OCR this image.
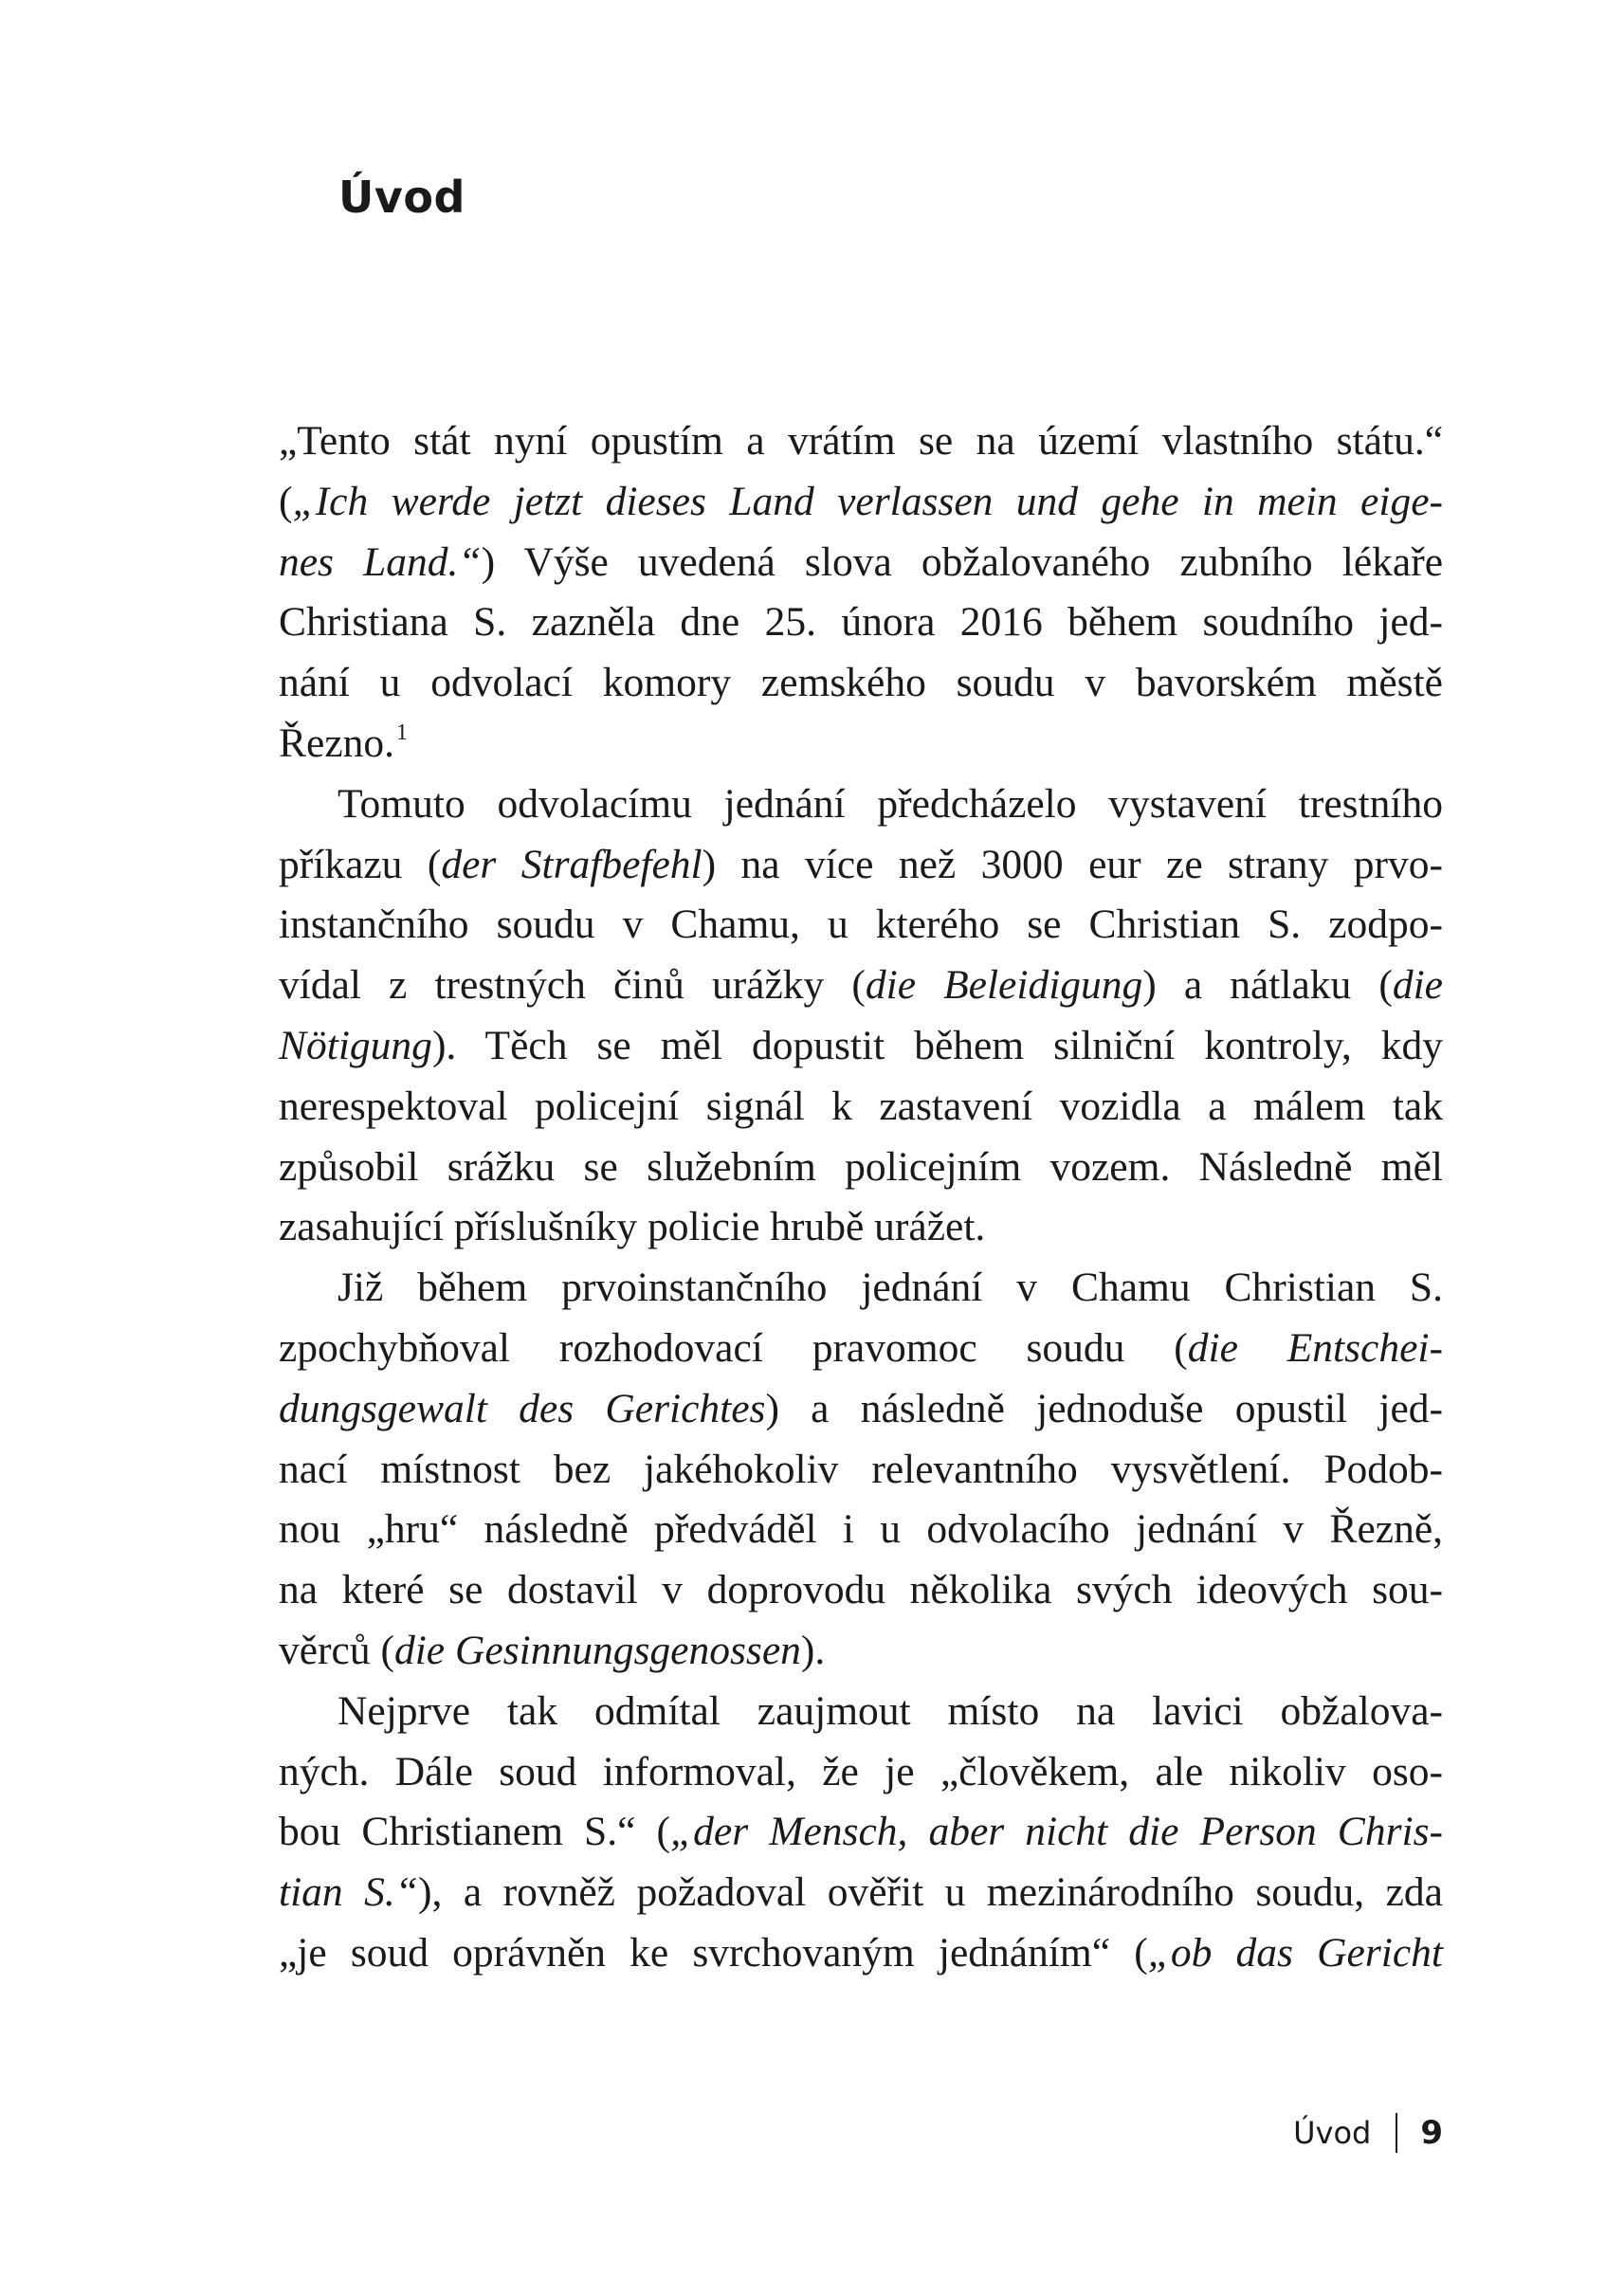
Úvod
„Tento stát nyní opustím a vrátím se na území vlastního státu.“
(„Ich werde jetzt dieses Land verlassen und gehe in mein eige-
nes Land.“) Výše uvedená slova obžalovaného zubního lékaře
Christiana S. zazněla dne 25. února 2016 během soudního jed-
nání u odvolací komory zemského soudu v bavorském městě
Řezno.$^1$
Tomuto odvolacímu jednání předcházelo vystavení trestního
příkazu (der Strafbefehl) na více než 3000 eur ze strany prvo-
instančního soudu v Chamu, u kterého se Christian S. zodpo-
vídal z trestných činů urážky (die Beleidigung) a nátlaku (die
Nötigung). Těch se měl dopustit během silniční kontroly, kdy
nerespektoval policejní signál k zastavení vozidla a málem tak
způsobil srážku se služebním policejním vozem. Následně měl
zasahující příslušníky policie hrubě urážet.
Již během prvoinstančního jednání v Chamu Christian S.
zpochybňoval rozhodovací pravomoc soudu (die Entschei-
dungsgewalt des Gerichtes) a následně jednoduše opustil jed-
nací místnost bez jakéhokoliv relevantního vysvětlení. Podob-
nou „hru“ následně předváděl i u odvolacího jednání v Řezně,
na které se dostavil v doprovodu několika svých ideových sou-
věrců (die Gesinnungsgenossen).
Nejprve tak odmítal zaujmout místo na lavici obžalova-
ných. Dále soud informoval, že je „člověkem, ale nikoliv oso-
bou Christianem S.“ („der Mensch, aber nicht die Person Chris-
tian S.“), a rovněž požadoval ověřit u mezinárodního soudu, zda
„je soud oprávněn ke svrchovaným jednáním“ („ob das Gericht
Úvod 9
